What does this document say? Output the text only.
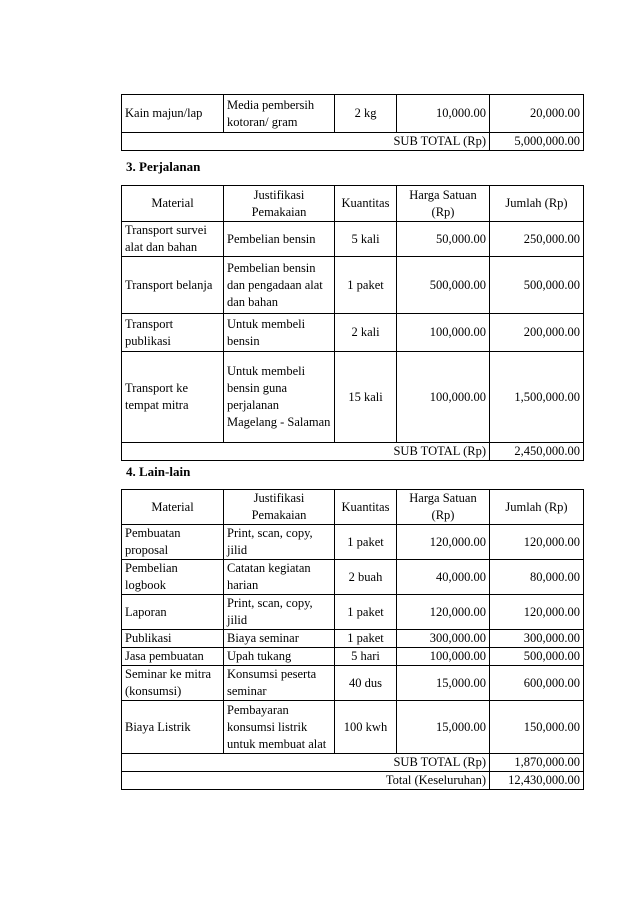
Kain majun/lap	Media pembersih kotoran/ gram	2 kg	10,000.00	20,000.00
SUB TOTAL (Rp)				5,000,000.00
3. Perjalanan
Material	Justifikasi Pemakaian	Kuantitas	Harga Satuan (Rp)	Jumlah (Rp)
Transport survei alat dan bahan	Pembelian bensin	5 kali	50,000.00	250,000.00
Transport belanja	Pembelian bensin dan pengadaan alat dan bahan	1 paket	500,000.00	500,000.00
Transport publikasi	Untuk membeli bensin	2 kali	100,000.00	200,000.00
Transport ke tempat mitra	Untuk membeli bensin guna perjalanan Magelang - Salaman	15 kali	100,000.00	1,500,000.00
SUB TOTAL (Rp)				2,450,000.00
4. Lain-lain
Material	Justifikasi Pemakaian	Kuantitas	Harga Satuan (Rp)	Jumlah (Rp)
Pembuatan proposal	Print, scan, copy, jilid	1 paket	120,000.00	120,000.00
Pembelian logbook	Catatan kegiatan harian	2 buah	40,000.00	80,000.00
Laporan	Print, scan, copy, jilid	1 paket	120,000.00	120,000.00
Publikasi	Biaya seminar	1 paket	300,000.00	300,000.00
Jasa pembuatan	Upah tukang	5 hari	100,000.00	500,000.00
Seminar ke mitra (konsumsi)	Konsumsi peserta seminar	40 dus	15,000.00	600,000.00
Biaya Listrik	Pembayaran konsumsi listrik untuk membuat alat	100 kwh	15,000.00	150,000.00
SUB TOTAL (Rp)				1,870,000.00
Total (Keseluruhan)				12,430,000.00
